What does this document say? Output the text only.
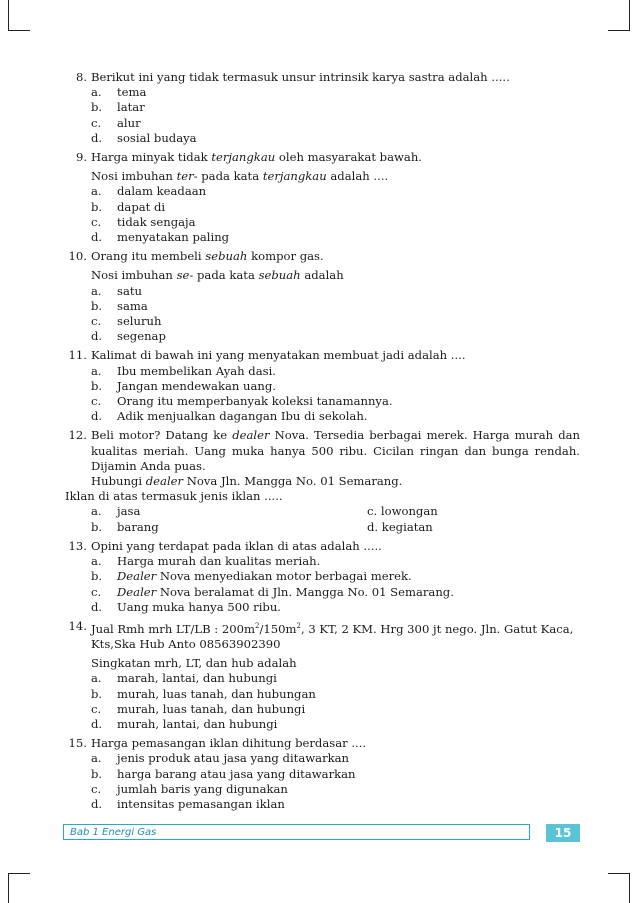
8. Berikut ini yang tidak termasuk unsur intrinsik karya sastra adalah .....
a. tema
b. latar
c. alur
d. sosial budaya
9. Harga minyak tidak terjangkau oleh masyarakat bawah.
Nosi imbuhan ter- pada kata terjangkau adalah ....
a. dalam keadaan
b. dapat di
c. tidak sengaja
d. menyatakan paling
10. Orang itu membeli sebuah kompor gas.
Nosi imbuhan se- pada kata sebuah adalah
a. satu
b. sama
c. seluruh
d. segenap
11. Kalimat di bawah ini yang menyatakan membuat jadi adalah ....
a. Ibu membelikan Ayah dasi.
b. Jangan mendewakan uang.
c. Orang itu memperbanyak koleksi tanamannya.
d. Adik menjualkan dagangan Ibu di sekolah.
12. Beli motor? Datang ke dealer Nova. Tersedia berbagai merek. Harga murah dan kualitas meriah. Uang muka hanya 500 ribu. Cicilan ringan dan bunga rendah. Dijamin Anda puas.
Hubungi dealer Nova Jln. Mangga No. 01 Semarang.
Iklan di atas termasuk jenis iklan .....
a. jasa	c. lowongan
b. barang	d. kegiatan
13. Opini yang terdapat pada iklan di atas adalah .....
a. Harga murah dan kualitas meriah.
b. Dealer Nova menyediakan motor berbagai merek.
c. Dealer Nova beralamat di Jln. Mangga No. 01 Semarang.
d. Uang muka hanya 500 ribu.
14. Jual Rmh mrh LT/LB : $200m^2/150m^2$, 3 KT, 2 KM. Hrg 300 jt nego. Jln. Gatut Kaca, Kts,Ska Hub Anto 08563902390
Singkatan mrh, LT, dan hub adalah
a. marah, lantai, dan hubungi
b. murah, luas tanah, dan hubungan
c. murah, luas tanah, dan hubungi
d. murah, lantai, dan hubungi
15. Harga pemasangan iklan dihitung berdasar ....
a. jenis produk atau jasa yang ditawarkan
b. harga barang atau jasa yang ditawarkan
c. jumlah baris yang digunakan
d. intensitas pemasangan iklan
Bab 1 Energi Gas	15
